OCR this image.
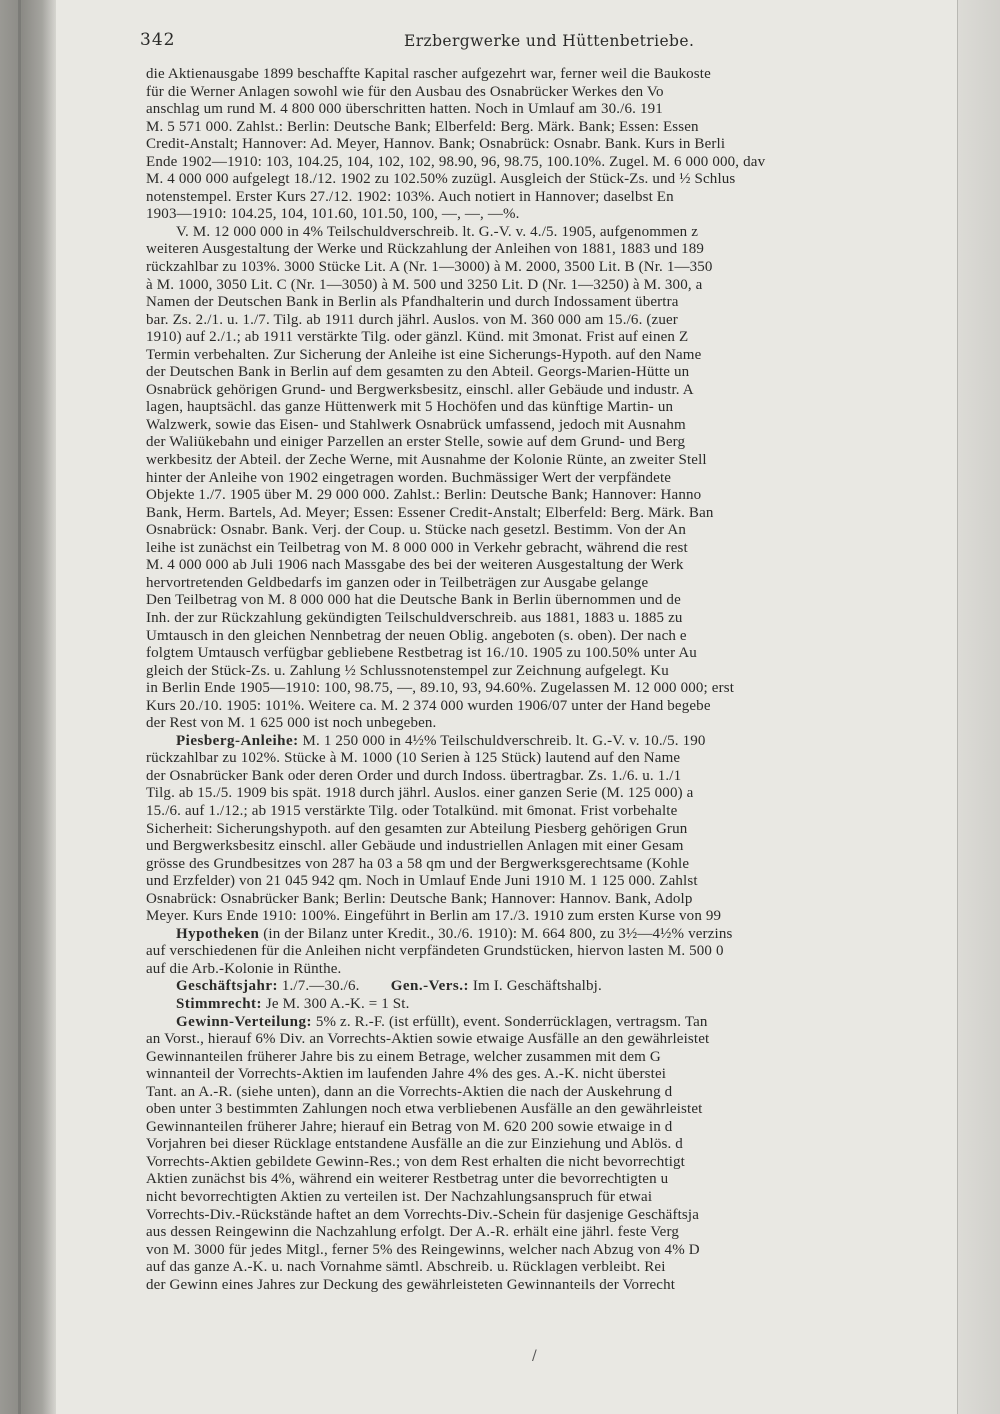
342	Erzbergwerke und Hüttenbetriebe.
die Aktienausgabe 1899 beschaffte Kapital rascher aufgezehrt war, ferner weil die Baukoste
für die Werner Anlagen sowohl wie für den Ausbau des Osnabrücker Werkes den Vo
anschlag um rund M. 4 800 000 überschritten hatten. Noch in Umlauf am 30./6. 191
M. 5 571 000. Zahlst.: Berlin: Deutsche Bank; Elberfeld: Berg. Märk. Bank; Essen: Essen
Credit-Anstalt; Hannover: Ad. Meyer, Hannov. Bank; Osnabrück: Osnabr. Bank. Kurs in Berli
Ende 1902—1910: 103, 104.25, 104, 102, 102, 98.90, 96, 98.75, 100.10%. Zugel. M. 6 000 000, dav
M. 4 000 000 aufgelegt 18./12. 1902 zu 102.50% zuzügl. Ausgleich der Stück-Zs. und ½ Schlus
notenstempel. Erster Kurs 27./12. 1902: 103%. Auch notiert in Hannover; daselbst En
1903—1910: 104.25, 104, 101.60, 101.50, 100, —, —, —%.
V. M. 12 000 000 in 4% Teilschuldverschreib. lt. G.-V. v. 4./5. 1905, aufgenommen z
weiteren Ausgestaltung der Werke und Rückzahlung der Anleihen von 1881, 1883 und 189
rückzahlbar zu 103%. 3000 Stücke Lit. A (Nr. 1—3000) à M. 2000, 3500 Lit. B (Nr. 1—350
à M. 1000, 3050 Lit. C (Nr. 1—3050) à M. 500 und 3250 Lit. D (Nr. 1—3250) à M. 300, a
Namen der Deutschen Bank in Berlin als Pfandhalterin und durch Indossament übertra
bar. Zs. 2./1. u. 1./7. Tilg. ab 1911 durch jährl. Auslos. von M. 360 000 am 15./6. (zuer
1910) auf 2./1.; ab 1911 verstärkte Tilg. oder gänzl. Künd. mit 3monat. Frist auf einen Z
Termin verbehalten. Zur Sicherung der Anleihe ist eine Sicherungs-Hypoth. auf den Name
der Deutschen Bank in Berlin auf dem gesamten zu den Abteil. Georgs-Marien-Hütte un
Osnabrück gehörigen Grund- und Bergwerksbesitz, einschl. aller Gebäude und industr. A
lagen, hauptsächl. das ganze Hüttenwerk mit 5 Hochöfen und das künftige Martin- un
Walzwerk, sowie das Eisen- und Stahlwerk Osnabrück umfassend, jedoch mit Ausnahm
der Waliükebahn und einiger Parzellen an erster Stelle, sowie auf dem Grund- und Berg
werkbesitz der Abteil. der Zeche Werne, mit Ausnahme der Kolonie Rünte, an zweiter Stell
hinter der Anleihe von 1902 eingetragen worden. Buchmässiger Wert der verpfändete
Objekte 1./7. 1905 über M. 29 000 000. Zahlst.: Berlin: Deutsche Bank; Hannover: Hanno
Bank, Herm. Bartels, Ad. Meyer; Essen: Essener Credit-Anstalt; Elberfeld: Berg. Märk. Ban
Osnabrück: Osnabr. Bank. Verj. der Coup. u. Stücke nach gesetzl. Bestimm. Von der An
leihe ist zunächst ein Teilbetrag von M. 8 000 000 in Verkehr gebracht, während die rest
M. 4 000 000 ab Juli 1906 nach Massgabe des bei der weiteren Ausgestaltung der Werk
hervortretenden Geldbedarfs im ganzen oder in Teilbeträgen zur Ausgabe gelange
Den Teilbetrag von M. 8 000 000 hat die Deutsche Bank in Berlin übernommen und de
Inh. der zur Rückzahlung gekündigten Teilschuldverschreib. aus 1881, 1883 u. 1885 zu
Umtausch in den gleichen Nennbetrag der neuen Oblig. angeboten (s. oben). Der nach e
folgtem Umtausch verfügbar gebliebene Restbetrag ist 16./10. 1905 zu 100.50% unter Au
gleich der Stück-Zs. u. Zahlung ½ Schlussnotenstempel zur Zeichnung aufgelegt. Ku
in Berlin Ende 1905—1910: 100, 98.75, —, 89.10, 93, 94.60%. Zugelassen M. 12 000 000; erst
Kurs 20./10. 1905: 101%. Weitere ca. M. 2 374 000 wurden 1906/07 unter der Hand begebe
der Rest von M. 1 625 000 ist noch unbegeben.
Piesberg-Anleihe: M. 1 250 000 in 4½% Teilschuldverschreib. lt. G.-V. v. 10./5. 190
rückzahlbar zu 102%. Stücke à M. 1000 (10 Serien à 125 Stück) lautend auf den Name
der Osnabrücker Bank oder deren Order und durch Indoss. übertragbar. Zs. 1./6. u. 1./1
Tilg. ab 15./5. 1909 bis spät. 1918 durch jährl. Auslos. einer ganzen Serie (M. 125 000) a
15./6. auf 1./12.; ab 1915 verstärkte Tilg. oder Totalkünd. mit 6monat. Frist vorbehalte
Sicherheit: Sicherungshypoth. auf den gesamten zur Abteilung Piesberg gehörigen Grun
und Bergwerksbesitz einschl. aller Gebäude und industriellen Anlagen mit einer Gesam
grösse des Grundbesitzes von 287 ha 03 a 58 qm und der Bergwerksgerechtsame (Kohle
und Erzfelder) von 21 045 942 qm. Noch in Umlauf Ende Juni 1910 M. 1 125 000. Zahlst
Osnabrück: Osnabrücker Bank; Berlin: Deutsche Bank; Hannover: Hannov. Bank, Adolp
Meyer. Kurs Ende 1910: 100%. Eingeführt in Berlin am 17./3. 1910 zum ersten Kurse von 99
Hypotheken (in der Bilanz unter Kredit., 30./6. 1910): M. 664 800, zu 3½—4½% verzins
auf verschiedenen für die Anleihen nicht verpfändeten Grundstücken, hiervon lasten M. 500 0
auf die Arb.-Kolonie in Rünthe.
Geschäftsjahr: 1./7.—30./6.        Gen.-Vers.: Im I. Geschäftshalbj.
Stimmrecht: Je M. 300 A.-K. = 1 St.
Gewinn-Verteilung: 5% z. R.-F. (ist erfüllt), event. Sonderrücklagen, vertragsm. Tan
an Vorst., hierauf 6% Div. an Vorrechts-Aktien sowie etwaige Ausfälle an den gewährleistet
Gewinnanteilen früherer Jahre bis zu einem Betrage, welcher zusammen mit dem G
winnanteil der Vorrechts-Aktien im laufenden Jahre 4% des ges. A.-K. nicht überstei
Tant. an A.-R. (siehe unten), dann an die Vorrechts-Aktien die nach der Auskehrung d
oben unter 3 bestimmten Zahlungen noch etwa verbliebenen Ausfälle an den gewährleistet
Gewinnanteilen früherer Jahre; hierauf ein Betrag von M. 620 200 sowie etwaige in d
Vorjahren bei dieser Rücklage entstandene Ausfälle an die zur Einziehung und Ablös. d
Vorrechts-Aktien gebildete Gewinn-Res.; von dem Rest erhalten die nicht bevorrechtigt
Aktien zunächst bis 4%, während ein weiterer Restbetrag unter die bevorrechtigten u
nicht bevorrechtigten Aktien zu verteilen ist. Der Nachzahlungsanspruch für etwai
Vorrechts-Div.-Rückstände haftet an dem Vorrechts-Div.-Schein für dasjenige Geschäftsja
aus dessen Reingewinn die Nachzahlung erfolgt. Der A.-R. erhält eine jährl. feste Verg
von M. 3000 für jedes Mitgl., ferner 5% des Reingewinns, welcher nach Abzug von 4% D
auf das ganze A.-K. u. nach Vornahme sämtl. Abschreib. u. Rücklagen verbleibt. Rei
der Gewinn eines Jahres zur Deckung des gewährleisteten Gewinnanteils der Vorrecht
/
